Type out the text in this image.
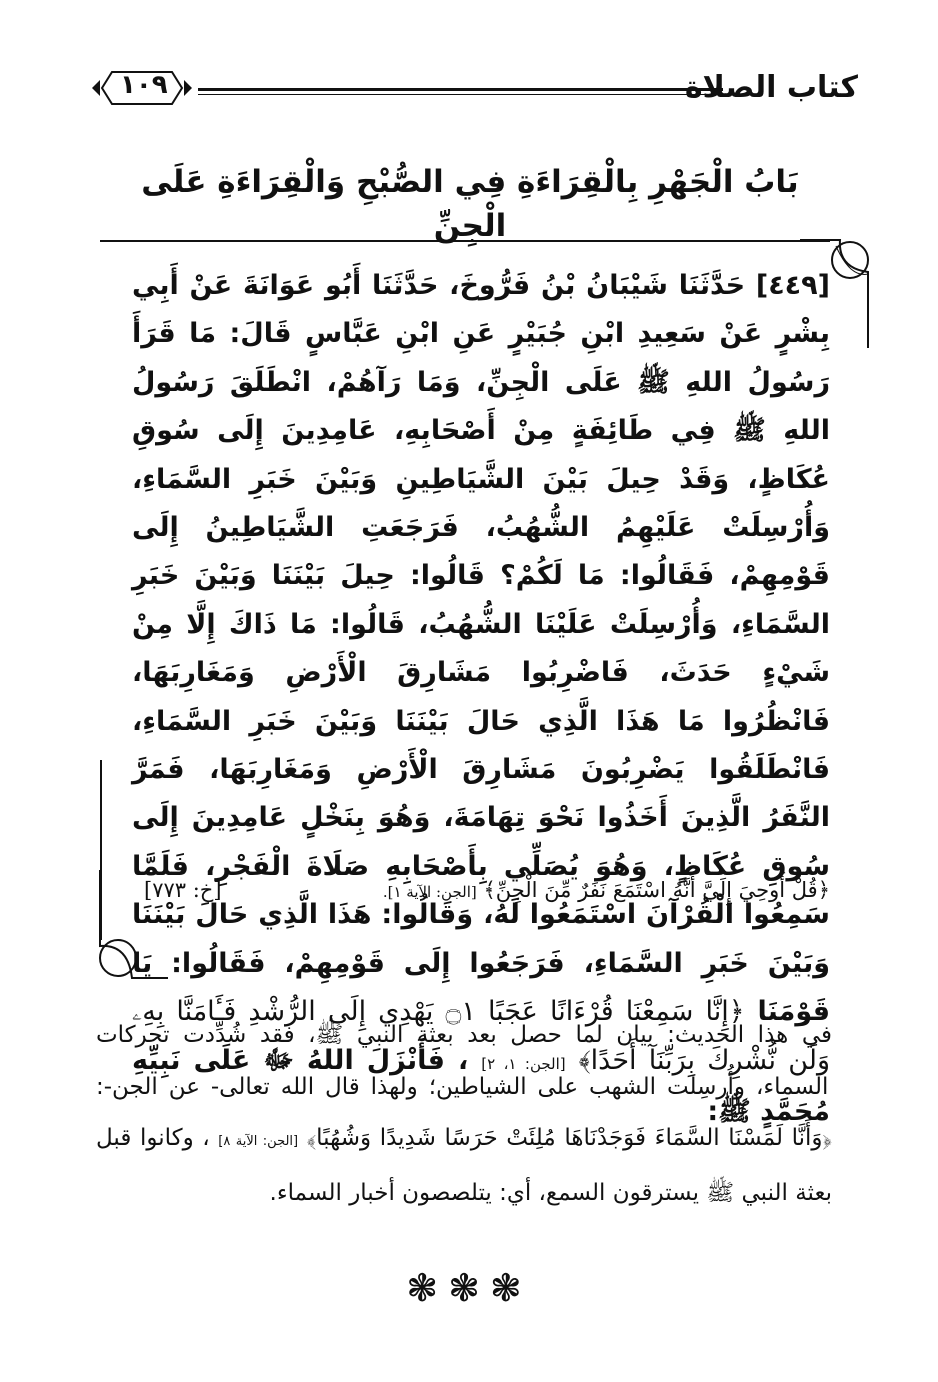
كتاب الصلاة
١٠٩
بَابُ الْجَهْرِ بِالْقِرَاءَةِ فِي الصُّبْحِ وَالْقِرَاءَةِ عَلَى الْجِنِّ
[٤٤٩] حَدَّثَنَا شَيْبَانُ بْنُ فَرُّوخَ، حَدَّثَنَا أَبُو عَوَانَةَ عَنْ أَبِي بِشْرٍ عَنْ سَعِيدِ ابْنِ جُبَيْرٍ عَنِ ابْنِ عَبَّاسٍ قَالَ: مَا قَرَأَ رَسُولُ اللهِ ﷺ عَلَى الْجِنِّ، وَمَا رَآهُمْ، انْطَلَقَ رَسُولُ اللهِ ﷺ فِي طَائِفَةٍ مِنْ أَصْحَابِهِ، عَامِدِينَ إِلَى سُوقِ عُكَاظٍ، وَقَدْ حِيلَ بَيْنَ الشَّيَاطِينِ وَبَيْنَ خَبَرِ السَّمَاءِ، وَأُرْسِلَتْ عَلَيْهِمُ الشُّهُبُ، فَرَجَعَتِ الشَّيَاطِينُ إِلَى قَوْمِهِمْ، فَقَالُوا: مَا لَكُمْ؟ قَالُوا: حِيلَ بَيْنَنَا وَبَيْنَ خَبَرِ السَّمَاءِ، وَأُرْسِلَتْ عَلَيْنَا الشُّهُبُ، قَالُوا: مَا ذَاكَ إِلَّا مِنْ شَيْءٍ حَدَثَ، فَاضْرِبُوا مَشَارِقَ الْأَرْضِ وَمَغَارِبَهَا، فَانْظُرُوا مَا هَذَا الَّذِي حَالَ بَيْنَنَا وَبَيْنَ خَبَرِ السَّمَاءِ، فَانْطَلَقُوا يَضْرِبُونَ مَشَارِقَ الْأَرْضِ وَمَغَارِبَهَا، فَمَرَّ النَّفَرُ الَّذِينَ أَخَذُوا نَحْوَ تِهَامَةَ، وَهُوَ بِنَخْلٍ عَامِدِينَ إِلَى سُوقِ عُكَاظٍ، وَهُوَ يُصَلِّي بِأَصْحَابِهِ صَلَاةَ الْفَجْرِ، فَلَمَّا سَمِعُوا الْقُرْآنَ اسْتَمَعُوا لَهُ، وَقَالُوا: هَذَا الَّذِي حَالَ بَيْنَنَا وَبَيْنَ خَبَرِ السَّمَاءِ، فَرَجَعُوا إِلَى قَوْمِهِمْ، فَقَالُوا: يَا قَوْمَنَا ﴿إِنَّا سَمِعْنَا قُرْءَانًا عَجَبًا ۝١ يَهْدِي إِلَى الرُّشْدِ فَـَٔامَنَّا بِهِۦ وَلَن نُّشْرِكَ بِرَبِّنَآ أَحَدًا﴾ [الجن: ١، ٢] ، فَأَنْزَلَ اللهُ ﷻ عَلَى نَبِيِّهِ مُحَمَّدٍ ﷺ:
﴿قُلْ أُوحِيَ إِلَيَّ أَنَّهُ اسْتَمَعَ نَفَرٌ مِّنَ الْجِنِّ﴾ [الجن: الآية ١].
[خ: ٧٧٣]
في هذا الحديث: بيان لما حصل بعد بعثة النبي ﷺ، فقد شُدِّدت تحركات السماء، وأُرسِلت الشهب على الشياطين؛ ولهذا قال الله تعالى- عن الجن-: ﴿وَأَنَّا لَمَسْنَا السَّمَاءَ فَوَجَدْنَاهَا مُلِئَتْ حَرَسًا شَدِيدًا وَشُهُبًا﴾ [الجن: الآية ٨] ، وكانوا قبل بعثة النبي ﷺ يسترقون السمع، أي: يتلصصون أخبار السماء.
❃❃❃
